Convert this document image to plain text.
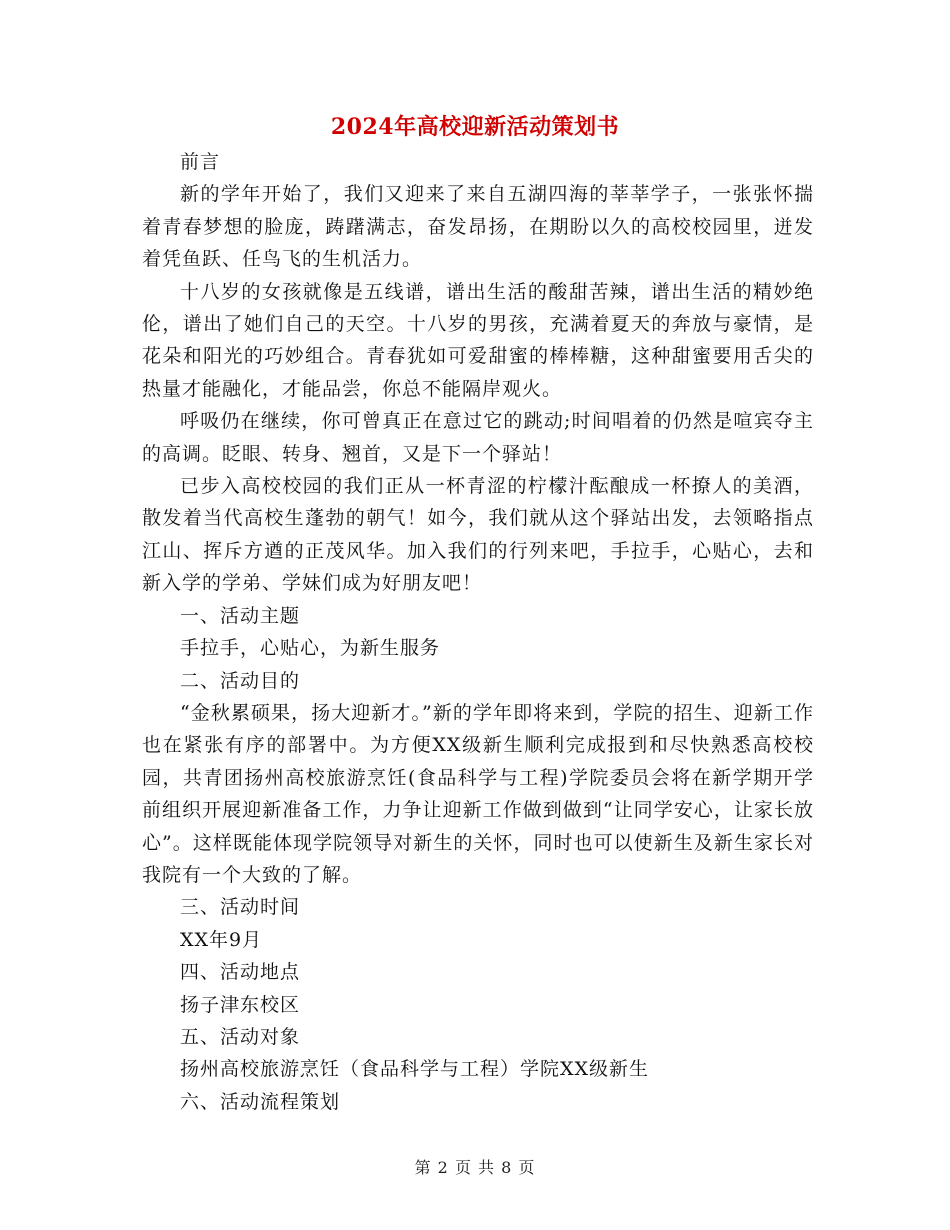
2024年高校迎新活动策划书

前言

新的学年开始了，我们又迎来了来自五湖四海的莘莘学子，一张张怀揣着青春梦想的脸庞，踌躇满志，奋发昂扬，在期盼以久的高校校园里，迸发着凭鱼跃、任鸟飞的生机活力。

十八岁的女孩就像是五线谱，谱出生活的酸甜苦辣，谱出生活的精妙绝伦，谱出了她们自己的天空。十八岁的男孩，充满着夏天的奔放与豪情，是花朵和阳光的巧妙组合。青春犹如可爱甜蜜的棒棒糖，这种甜蜜要用舌尖的热量才能融化，才能品尝，你总不能隔岸观火。

呼吸仍在继续，你可曾真正在意过它的跳动;时间唱着的仍然是喧宾夺主的高调。眨眼、转身、翘首，又是下一个驿站！

已步入高校校园的我们正从一杯青涩的柠檬汁酝酿成一杯撩人的美酒，散发着当代高校生蓬勃的朝气！如今，我们就从这个驿站出发，去领略指点江山、挥斥方遒的正茂风华。加入我们的行列来吧，手拉手，心贴心，去和新入学的学弟、学妹们成为好朋友吧！

一、活动主题

手拉手，心贴心，为新生服务

二、活动目的

“金秋累硕果，扬大迎新才。”新的学年即将来到，学院的招生、迎新工作也在紧张有序的部署中。为方便XX级新生顺利完成报到和尽快熟悉高校校园，共青团扬州高校旅游烹饪(食品科学与工程)学院委员会将在新学期开学前组织开展迎新准备工作，力争让迎新工作做到做到“让同学安心，让家长放心”。这样既能体现学院领导对新生的关怀，同时也可以使新生及新生家长对我院有一个大致的了解。

三、活动时间

XX年9月

四、活动地点

扬子津东校区

五、活动对象

扬州高校旅游烹饪（食品科学与工程）学院XX级新生

六、活动流程策划

第 2 页 共 8 页
